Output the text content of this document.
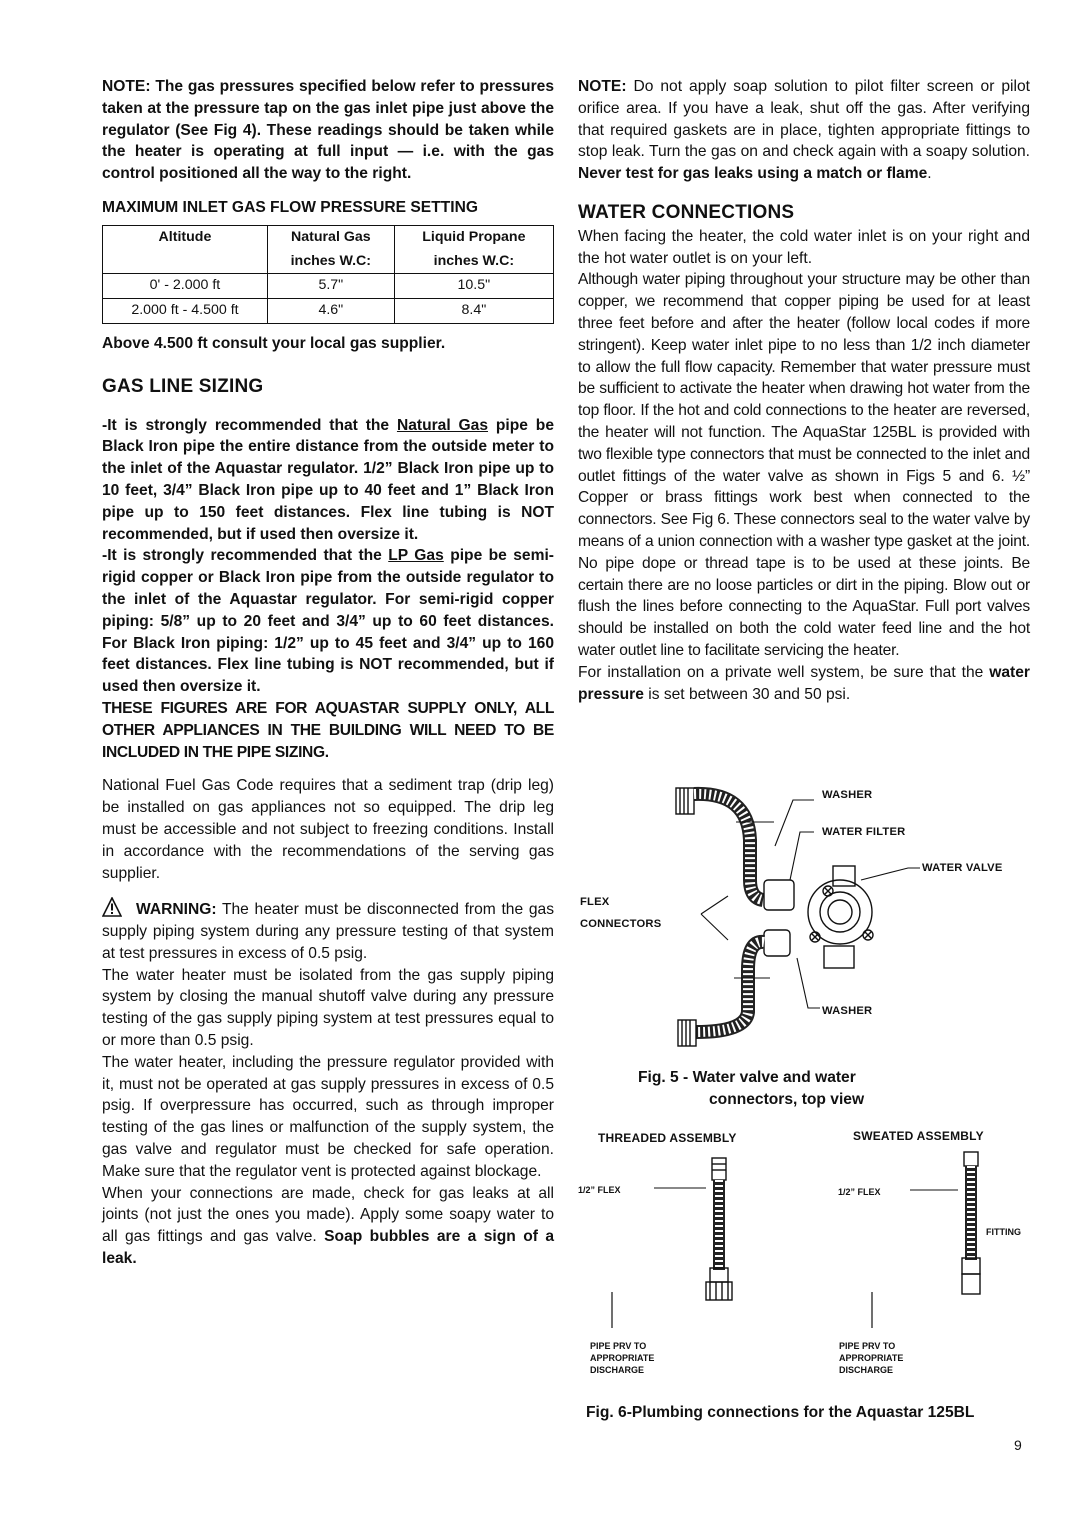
NOTE: The gas pressures specified below refer to pressures taken at the pressure tap on the gas inlet pipe just above the regulator (See Fig 4). These readings should be taken while the heater is operating at full input — i.e. with the gas control positioned all the way to the right.

MAXIMUM INLET GAS FLOW PRESSURE SETTING

Altitude	Natural Gas	Liquid Propane
	inches W.C:	inches W.C:
0' - 2.000 ft	5.7"	10.5"
2.000 ft - 4.500 ft	4.6"	8.4"

Above 4.500 ft consult your local gas supplier.

GAS LINE SIZING

-It is strongly recommended that the Natural Gas pipe be Black Iron pipe the entire distance from the outside meter to the inlet of the Aquastar regulator. 1/2” Black Iron pipe up to 10 feet, 3/4” Black Iron pipe up to 40 feet and 1” Black Iron pipe up to 150 feet distances. Flex line tubing is NOT recommended, but if used then oversize it.

-It is strongly recommended that the LP Gas pipe be semi-rigid copper or Black Iron pipe from the outside regulator to the inlet of the Aquastar regulator. For semi-rigid copper piping: 5/8” up to 20 feet and 3/4” up to 60 feet distances. For Black Iron piping: 1/2” up to 45 feet and 3/4” up to 160 feet distances. Flex line tubing is NOT recommended, but if used then oversize it.

THESE FIGURES ARE FOR AQUASTAR SUPPLY ONLY, ALL OTHER APPLIANCES IN THE BUILDING WILL NEED TO BE INCLUDED IN THE PIPE SIZING.

National Fuel Gas Code requires that a sediment trap (drip leg) be installed on gas appliances not so equipped. The drip leg must be accessible and not subject to freezing conditions. Install in accordance with the recommendations of the serving gas supplier.

WARNING: The heater must be disconnected from the gas supply piping system during any pressure testing of that system at test pressures in excess of 0.5 psig.

The water heater must be isolated from the gas supply piping system by closing the manual shutoff valve during any pressure testing of the gas supply piping system at test pressures equal to or more than 0.5 psig.

The water heater, including the pressure regulator provided with it, must not be operated at gas supply pressures in excess of 0.5 psig. If overpressure has occurred, such as through improper testing of the gas lines or malfunction of the supply system, the gas valve and regulator must be checked for safe operation. Make sure that the regulator vent is protected against blockage.

When your connections are made, check for gas leaks at all joints (not just the ones you made). Apply some soapy water to all gas fittings and gas valve. Soap bubbles are a sign of a leak.

NOTE: Do not apply soap solution to pilot filter screen or pilot orifice area. If you have a leak, shut off the gas. After verifying that required gaskets are in place, tighten appropriate fittings to stop leak. Turn the gas on and check again with a soapy solution. Never test for gas leaks using a match or flame.

WATER CONNECTIONS

When facing the heater, the cold water inlet is on your right and the hot water outlet is on your left.

Although water piping throughout your structure may be other than copper, we recommend that copper piping be used for at least three feet before and after the heater (follow local codes if more stringent). Keep water inlet pipe to no less than 1/2 inch diameter to allow the full flow capacity. Remember that water pressure must be sufficient to activate the heater when drawing hot water from the top floor. If the hot and cold connections to the heater are reversed, the heater will not function. The AquaStar 125BL is provided with two flexible type connectors that must be connected to the inlet and outlet fittings of the water valve as shown in Figs 5 and 6. ½” Copper or brass fittings work best when connected to the connectors. See Fig 6. These connectors seal to the water valve by means of a union connection with a washer type gasket at the joint. No pipe dope or thread tape is to be used at these joints. Be certain there are no loose particles or dirt in the piping. Blow out or flush the lines before connecting to the AquaStar. Full port valves should be installed on both the cold water feed line and the hot water outlet line to facilitate servicing the heater.

For installation on a private well system, be sure that the water pressure is set between 30 and 50 psi.

WASHER
WATER FILTER
WATER VALVE
FLEX
CONNECTORS
WASHER
Fig. 5 - Water valve and water
connectors, top view
THREADED ASSEMBLY	SWEATED ASSEMBLY
1/2” FLEX	1/2” FLEX
FITTING
PIPE PRV TO
APPROPRIATE
DISCHARGE
PIPE PRV TO
APPROPRIATE
DISCHARGE
Fig. 6-Plumbing connections for the Aquastar 125BL
9
